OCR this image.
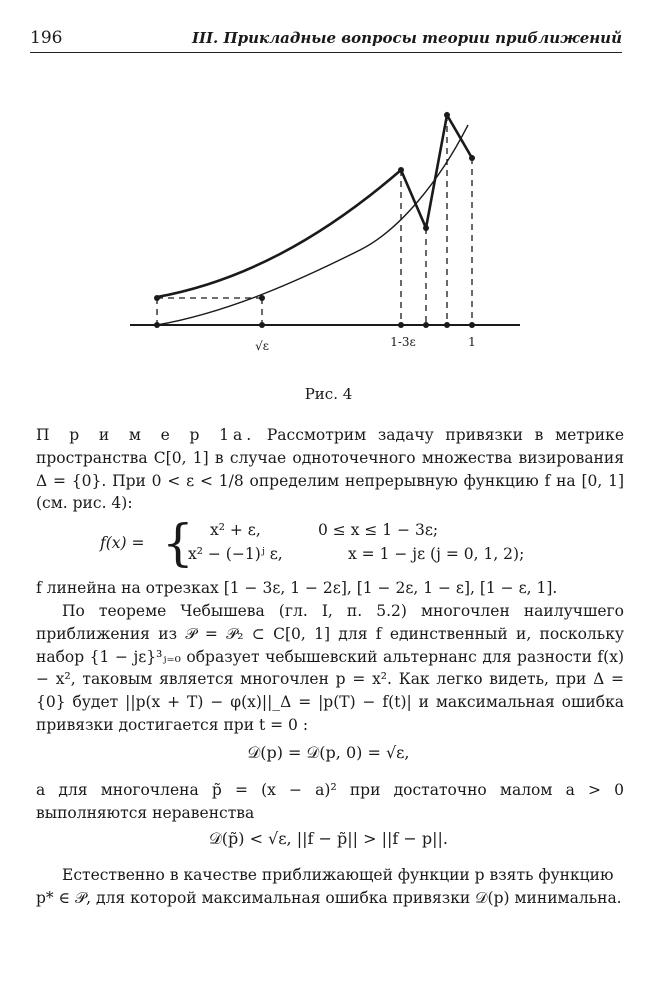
196	III. Прикладные вопросы теории приближений
√ε	1-3ε	1
Рис. 4
П р и м е р 1а. Рассмотрим задачу привязки в метрике пространства C[0, 1] в случае одноточечного множества визирования Δ = {0}. При 0 < ε < 1/8 определим непрерывную функцию f на [0, 1] (см. рис. 4):
f(x) = { x² + ε,	0 ≤ x ≤ 1 − 3ε;
x² − (−1)ʲ ε,	x = 1 − jε (j = 0, 1, 2);
f линейна на отрезках [1 − 3ε, 1 − 2ε], [1 − 2ε, 1 − ε], [1 − ε, 1].
По теореме Чебышева (гл. I, п. 5.2) многочлен наилучшего приближения из 𝒫 = 𝒫₂ ⊂ C[0, 1] для f единственный и, поскольку набор {1 − jε}³ⱼ₌₀ образует чебышевский альтернанс для разности f(x) − x², таковым является многочлен p = x². Как легко видеть, при Δ = {0} будет ||p(x + T) − φ(x)||_Δ = |p(T) − f(t)| и максимальная ошибка привязки достигается при t = 0 :
𝒟(p) = 𝒟(p, 0) = √ε,
а для многочлена p̃ = (x − a)² при достаточно малом a > 0 выполняются неравенства
𝒟(p̃) < √ε, ||f − p̃|| > ||f − p||.
Естественно в качестве приближающей функции p взять функцию p* ∈ 𝒫, для которой максимальная ошибка привязки 𝒟(p) минимальна.
